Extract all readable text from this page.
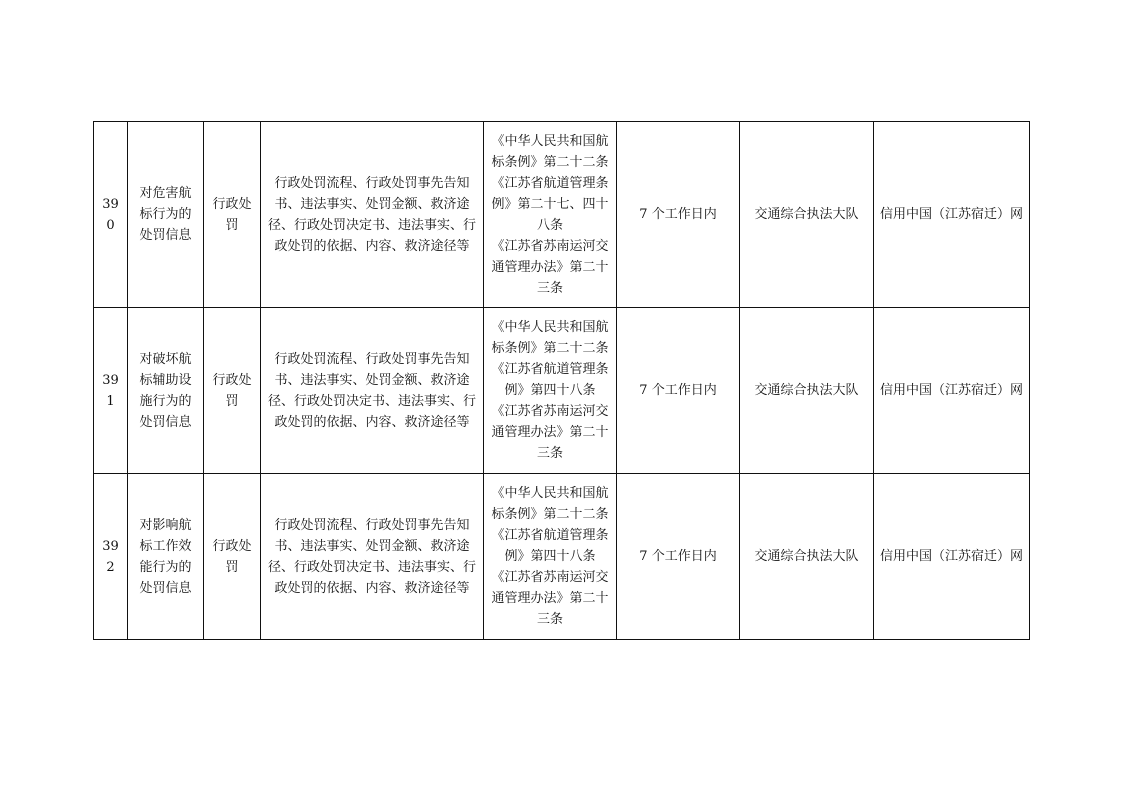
390	对危害航标行为的处罚信息	行政处罚	行政处罚流程、行政处罚事先告知书、违法事实、处罚金额、救济途径、行政处罚决定书、违法事实、行政处罚的依据、内容、救济途径等	《中华人民共和国航标条例》第二十二条
《江苏省航道管理条例》第二十七、四十八条
《江苏省苏南运河交通管理办法》第二十三条	7 个工作日内	交通综合执法大队	信用中国（江苏宿迁）网
391	对破坏航标辅助设施行为的处罚信息	行政处罚	行政处罚流程、行政处罚事先告知书、违法事实、处罚金额、救济途径、行政处罚决定书、违法事实、行政处罚的依据、内容、救济途径等	《中华人民共和国航标条例》第二十二条
《江苏省航道管理条例》第四十八条
《江苏省苏南运河交通管理办法》第二十三条	7 个工作日内	交通综合执法大队	信用中国（江苏宿迁）网
392	对影响航标工作效能行为的处罚信息	行政处罚	行政处罚流程、行政处罚事先告知书、违法事实、处罚金额、救济途径、行政处罚决定书、违法事实、行政处罚的依据、内容、救济途径等	《中华人民共和国航标条例》第二十二条
《江苏省航道管理条例》第四十八条
《江苏省苏南运河交通管理办法》第二十三条	7 个工作日内	交通综合执法大队	信用中国（江苏宿迁）网
